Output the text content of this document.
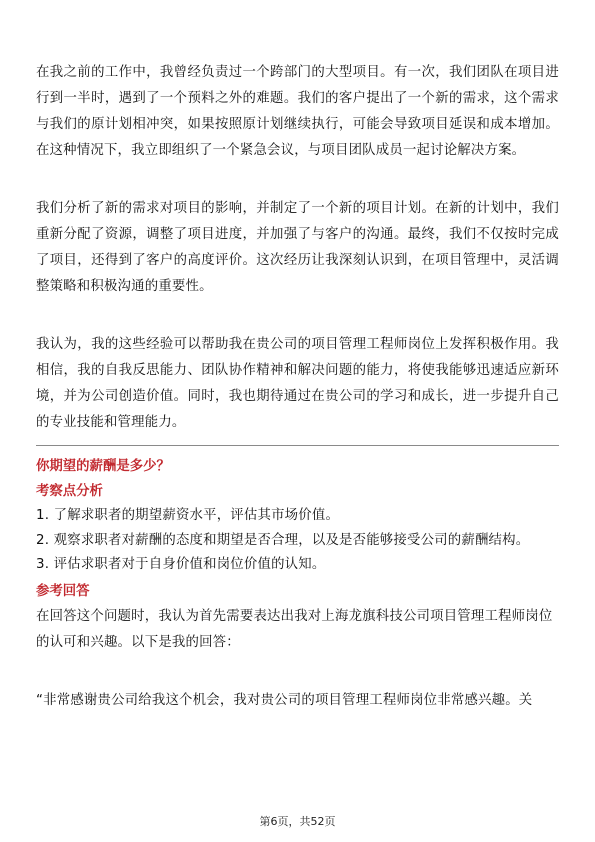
在我之前的工作中，我曾经负责过一个跨部门的大型项目。有一次，我们团队在项目进行到一半时，遇到了一个预料之外的难题。我们的客户提出了一个新的需求，这个需求与我们的原计划相冲突，如果按照原计划继续执行，可能会导致项目延误和成本增加。在这种情况下，我立即组织了一个紧急会议，与项目团队成员一起讨论解决方案。

我们分析了新的需求对项目的影响，并制定了一个新的项目计划。在新的计划中，我们重新分配了资源，调整了项目进度，并加强了与客户的沟通。最终，我们不仅按时完成了项目，还得到了客户的高度评价。这次经历让我深刻认识到，在项目管理中，灵活调整策略和积极沟通的重要性。

我认为，我的这些经验可以帮助我在贵公司的项目管理工程师岗位上发挥积极作用。我相信，我的自我反思能力、团队协作精神和解决问题的能力，将使我能够迅速适应新环境，并为公司创造价值。同时，我也期待通过在贵公司的学习和成长，进一步提升自己的专业技能和管理能力。

你期望的薪酬是多少？
考察点分析
1. 了解求职者的期望薪资水平，评估其市场价值。
2. 观察求职者对薪酬的态度和期望是否合理，以及是否能够接受公司的薪酬结构。
3. 评估求职者对于自身价值和岗位价值的认知。
参考回答

在回答这个问题时，我认为首先需要表达出我对上海龙旗科技公司项目管理工程师岗位的认可和兴趣。以下是我的回答：

“非常感谢贵公司给我这个机会，我对贵公司的项目管理工程师岗位非常感兴趣。关
第6页，共52页
